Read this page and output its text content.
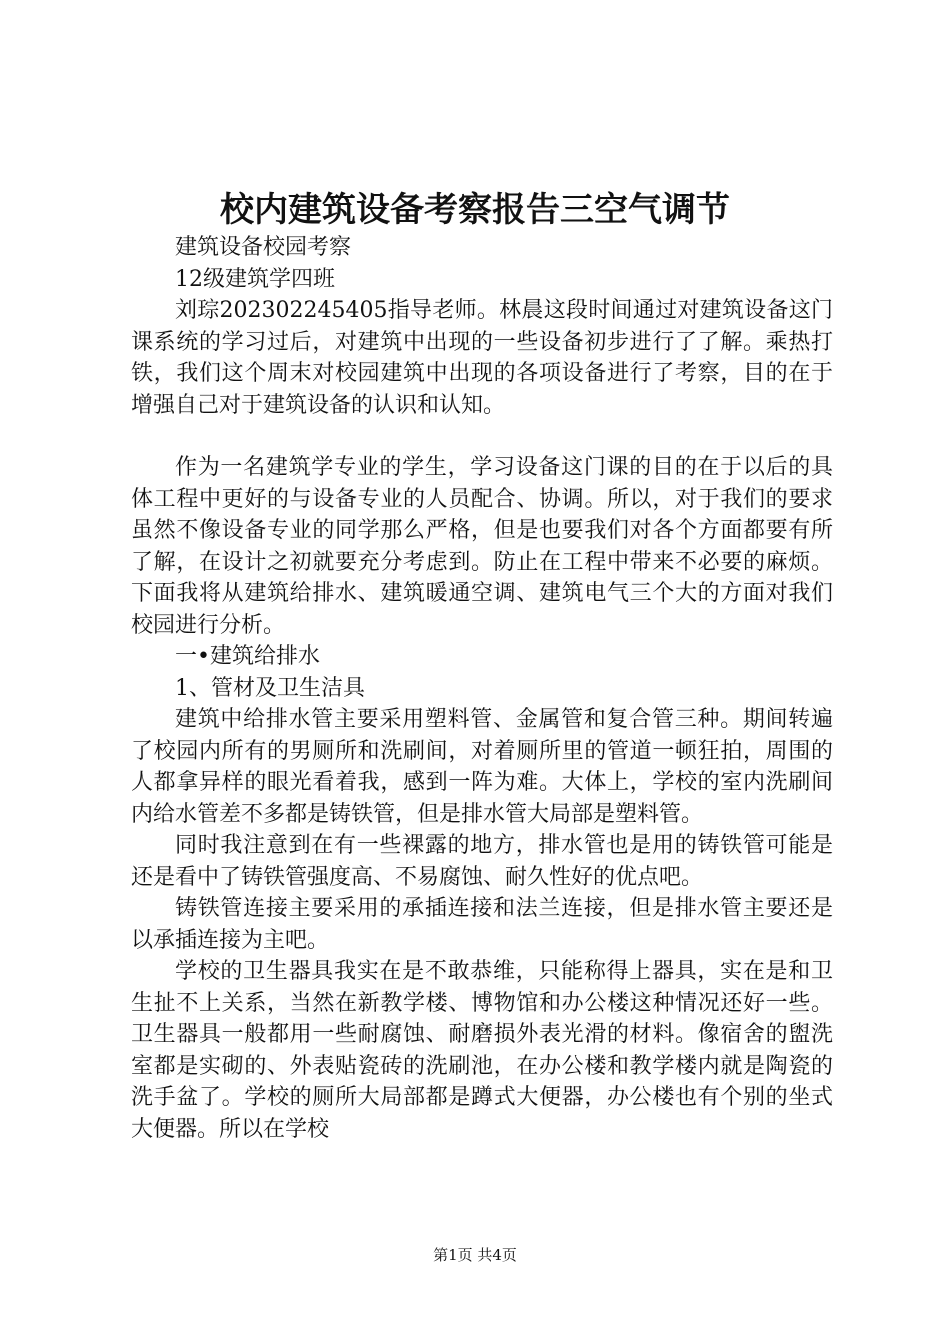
校内建筑设备考察报告三空气调节

建筑设备校园考察

12级建筑学四班

刘琮202302245405指导老师。林晨这段时间通过对建筑设备这门课系统的学习过后，对建筑中出现的一些设备初步进行了了解。乘热打铁，我们这个周末对校园建筑中出现的各项设备进行了考察，目的在于增强自己对于建筑设备的认识和认知。

作为一名建筑学专业的学生，学习设备这门课的目的在于以后的具体工程中更好的与设备专业的人员配合、协调。所以，对于我们的要求虽然不像设备专业的同学那么严格，但是也要我们对各个方面都要有所了解，在设计之初就要充分考虑到。防止在工程中带来不必要的麻烦。下面我将从建筑给排水、建筑暖通空调、建筑电气三个大的方面对我们校园进行分析。

一•建筑给排水

1、管材及卫生洁具

建筑中给排水管主要采用塑料管、金属管和复合管三种。期间转遍了校园内所有的男厕所和洗刷间，对着厕所里的管道一顿狂拍，周围的人都拿异样的眼光看着我，感到一阵为难。大体上，学校的室内洗刷间内给水管差不多都是铸铁管，但是排水管大局部是塑料管。

同时我注意到在有一些裸露的地方，排水管也是用的铸铁管可能是还是看中了铸铁管强度高、不易腐蚀、耐久性好的优点吧。

铸铁管连接主要采用的承插连接和法兰连接，但是排水管主要还是以承插连接为主吧。

学校的卫生器具我实在是不敢恭维，只能称得上器具，实在是和卫生扯不上关系，当然在新教学楼、博物馆和办公楼这种情况还好一些。卫生器具一般都用一些耐腐蚀、耐磨损外表光滑的材料。像宿舍的盥洗室都是实砌的、外表贴瓷砖的洗刷池，在办公楼和教学楼内就是陶瓷的洗手盆了。学校的厕所大局部都是蹲式大便器，办公楼也有个别的坐式大便器。所以在学校

第1页 共4页
